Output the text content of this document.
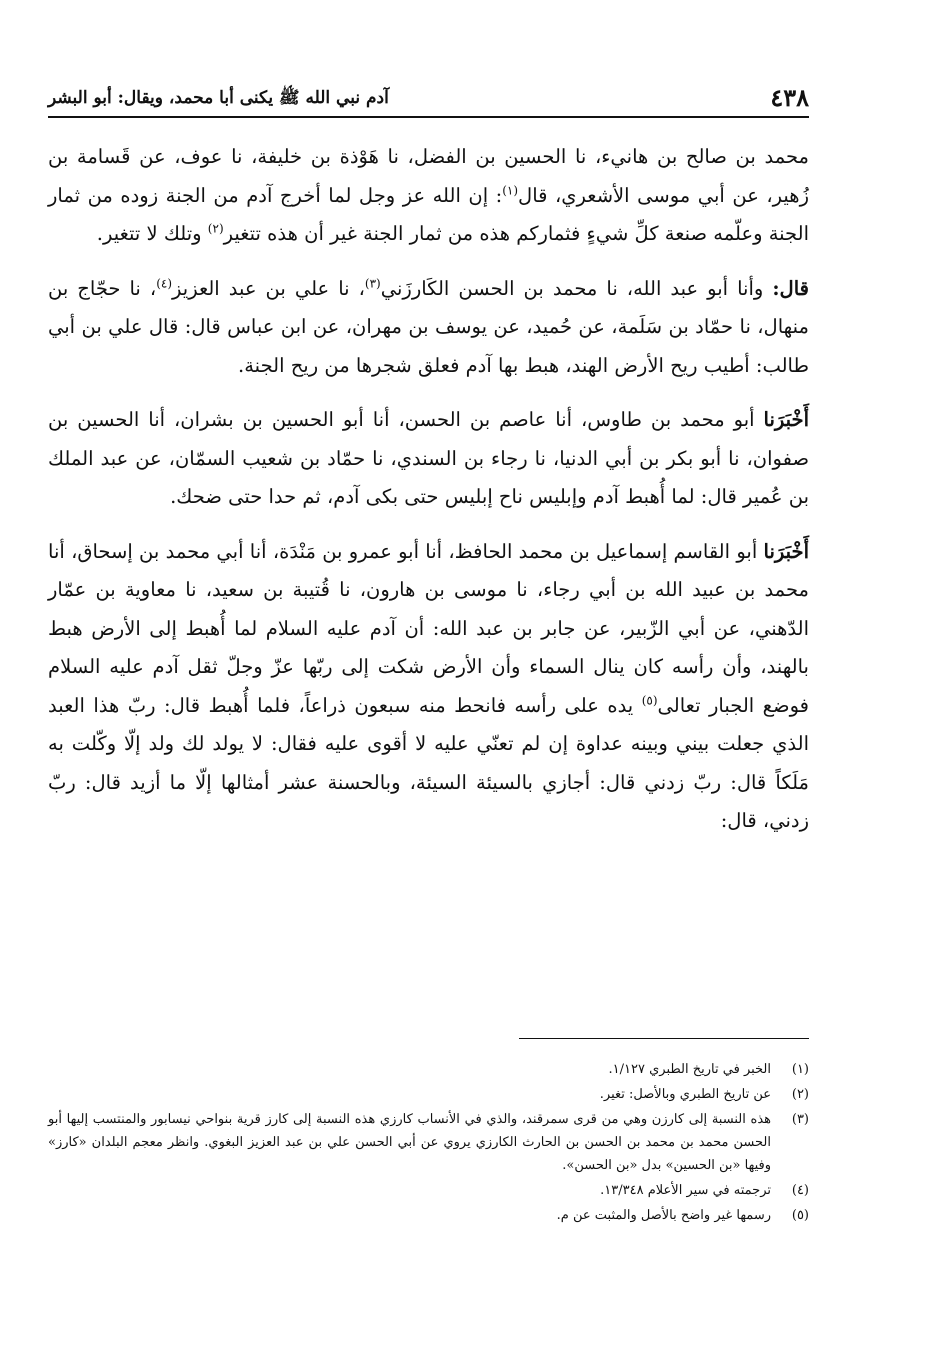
٤٣٨
آدم نبي الله ﷺ يكنى أبا محمد، ويقال: أبو البشر

محمد بن صالح بن هانيء، نا الحسين بن الفضل، نا هَوْذة بن خليفة، نا عوف، عن قَسامة بن زُهير، عن أبي موسى الأشعري، قال$^{(١)}$: إن الله عز وجل لما أخرج آدم من الجنة زوده من ثمار الجنة وعلّمه صنعة كلِّ شيءٍ فثماركم هذه من ثمار الجنة غير أن هذه تتغير$^{(٢)}$ وتلك لا تتغير.

قال: وأنا أبو عبد الله، نا محمد بن الحسن الكَارزَني$^{(٣)}$، نا علي بن عبد العزيز$^{(٤)}$، نا حجّاج بن منهال، نا حمّاد بن سَلَمة، عن حُميد، عن يوسف بن مهران، عن ابن عباس قال: قال علي بن أبي طالب: أطيب ريح الأرض الهند، هبط بها آدم فعلق شجرها من ريح الجنة.

أَخْبَرَنا أبو محمد بن طاوس، أنا عاصم بن الحسن، أنا أبو الحسين بن بشران، أنا الحسين بن صفوان، نا أبو بكر بن أبي الدنيا، نا رجاء بن السندي، نا حمّاد بن شعيب السمّان، عن عبد الملك بن عُمير قال: لما أُهبط آدم وإبليس ناح إبليس حتى بكى آدم، ثم حدا حتى ضحك.

أَخْبَرَنا أبو القاسم إسماعيل بن محمد الحافظ، أنا أبو عمرو بن مَنْدَة، أنا أبي محمد بن إسحاق، أنا محمد بن عبيد الله بن أبي رجاء، نا موسى بن هارون، نا قُتيبة بن سعيد، نا معاوية بن عمّار الدّهني، عن أبي الزّبير، عن جابر بن عبد الله: أن آدم عليه السلام لما أُهبط إلى الأرض هبط بالهند، وأن رأسه كان ينال السماء وأن الأرض شكت إلى ربّها عزّ وجلّ ثقل آدم عليه السلام فوضع الجبار تعالى$^{(٥)}$ يده على رأسه فانحط منه سبعون ذراعاً، فلما أُهبط قال: ربّ هذا العبد الذي جعلت بيني وبينه عداوة إن لم تعنّي عليه لا أقوى عليه فقال: لا يولد لك ولد إلّا وكّلت به مَلَكاً قال: ربّ زدني قال: أجازي بالسيئة السيئة، وبالحسنة عشر أمثالها إلّا ما أزيد قال: ربّ زدني، قال:

(١)
الخبر في تاريخ الطبري ١/١٢٧.
(٢)
عن تاريخ الطبري وبالأصل: تغير.
(٣)
هذه النسبة إلى كارزن وهي من قرى سمرقند، والذي في الأنساب كارزي هذه النسبة إلى كارز قرية بنواحي نيسابور والمنتسب إليها أبو الحسن محمد بن محمد بن الحسن بن الحارث الكارزي يروي عن أبي الحسن علي بن عبد العزيز البغوي. وانظر معجم البلدان «كارز» وفيها «بن الحسين» بدل «بن الحسن».
(٤)
ترجمته في سير الأعلام ١٣/٣٤٨.
(٥)
رسمها غير واضح بالأصل والمثبت عن م.
